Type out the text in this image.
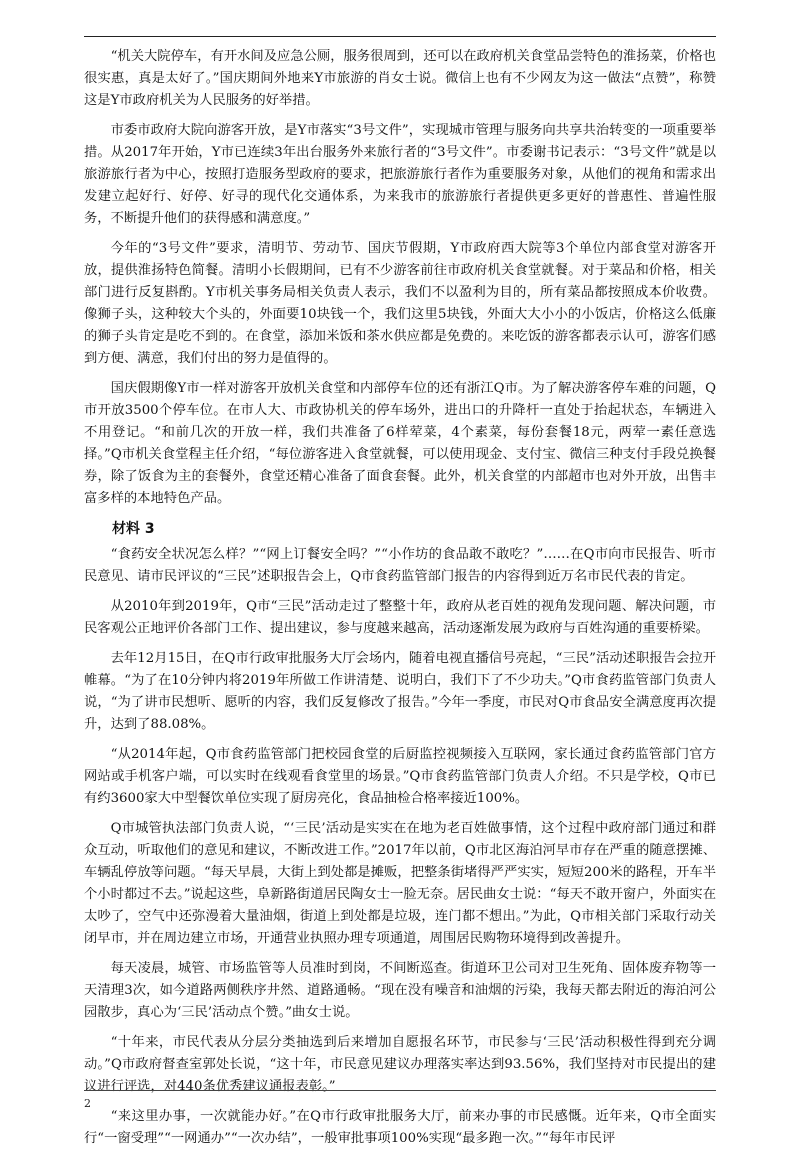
“机关大院停车，有开水间及应急公厕，服务很周到，还可以在政府机关食堂品尝特色的淮扬菜，价格也很实惠，真是太好了。”国庆期间外地来Y市旅游的肖女士说。微信上也有不少网友为这一做法“点赞”，称赞这是Y市政府机关为人民服务的好举措。

市委市政府大院向游客开放，是Y市落实“3号文件”，实现城市管理与服务向共享共治转变的一项重要举措。从2017年开始，Y市已连续3年出台服务外来旅行者的“3号文件”。市委谢书记表示：“3号文件”就是以旅游旅行者为中心，按照打造服务型政府的要求，把旅游旅行者作为重要服务对象，从他们的视角和需求出发建立起好行、好停、好寻的现代化交通体系，为来我市的旅游旅行者提供更多更好的普惠性、普遍性服务，不断提升他们的获得感和满意度。”

今年的“3号文件”要求，清明节、劳动节、国庆节假期，Y市政府西大院等3个单位内部食堂对游客开放，提供淮扬特色简餐。清明小长假期间，已有不少游客前往市政府机关食堂就餐。对于菜品和价格，相关部门进行反复斟酌。Y市机关事务局相关负责人表示，我们不以盈利为目的，所有菜品都按照成本价收费。像狮子头，这种较大个头的，外面要10块钱一个，我们这里5块钱，外面大大小小的小饭店，价格这么低廉的狮子头肯定是吃不到的。在食堂，添加米饭和茶水供应都是免费的。来吃饭的游客都表示认可，游客们感到方便、满意，我们付出的努力是值得的。

国庆假期像Y市一样对游客开放机关食堂和内部停车位的还有浙江Q市。为了解决游客停车难的问题，Q市开放3500个停车位。在市人大、市政协机关的停车场外，进出口的升降杆一直处于抬起状态，车辆进入不用登记。“和前几次的开放一样，我们共准备了6样荤菜，4个素菜，每份套餐18元，两荤一素任意选择。”Q市机关食堂程主任介绍，“每位游客进入食堂就餐，可以使用现金、支付宝、微信三种支付手段兑换餐券，除了饭食为主的套餐外，食堂还精心准备了面食套餐。此外，机关食堂的内部超市也对外开放，出售丰富多样的本地特色产品。

材料 3

“食药安全状况怎么样？”“网上订餐安全吗？”“小作坊的食品敢不敢吃？”……在Q市向市民报告、听市民意见、请市民评议的“三民”述职报告会上，Q市食药监管部门报告的内容得到近万名市民代表的肯定。

从2010年到2019年，Q市“三民”活动走过了整整十年，政府从老百姓的视角发现问题、解决问题，市民客观公正地评价各部门工作、提出建议，参与度越来越高，活动逐渐发展为政府与百姓沟通的重要桥梁。

去年12月15日，在Q市行政审批服务大厅会场内，随着电视直播信号亮起，“三民”活动述职报告会拉开帷幕。“为了在10分钟内将2019年所做工作讲清楚、说明白，我们下了不少功夫。”Q市食药监管部门负责人说，“为了讲市民想听、愿听的内容，我们反复修改了报告。”今年一季度，市民对Q市食品安全满意度再次提升，达到了88.08%。

“从2014年起，Q市食药监管部门把校园食堂的后厨监控视频接入互联网，家长通过食药监管部门官方网站或手机客户端，可以实时在线观看食堂里的场景。”Q市食药监管部门负责人介绍。不只是学校，Q市已有约3600家大中型餐饮单位实现了厨房亮化，食品抽检合格率接近100%。

Q市城管执法部门负责人说，“‘三民’活动是实实在在地为老百姓做事情，这个过程中政府部门通过和群众互动，听取他们的意见和建议，不断改进工作。”2017年以前，Q市北区海泊河早市存在严重的随意摆摊、车辆乱停放等问题。“每天早晨，大街上到处都是摊贩，把整条街堵得严严实实，短短200米的路程，开车半个小时都过不去。”说起这些，阜新路街道居民陶女士一脸无奈。居民曲女士说：“每天不敢开窗户，外面实在太吵了，空气中还弥漫着大量油烟，街道上到处都是垃圾，连门都不想出。”为此，Q市相关部门采取行动关闭早市，并在周边建立市场，开通营业执照办理专项通道，周围居民购物环境得到改善提升。

每天凌晨，城管、市场监管等人员准时到岗，不间断巡查。街道环卫公司对卫生死角、固体废弃物等一天清理3次，如今道路两侧秩序井然、道路通畅。“现在没有噪音和油烟的污染，我每天都去附近的海泊河公园散步，真心为‘三民’活动点个赞。”曲女士说。

“十年来，市民代表从分层分类抽选到后来增加自愿报名环节，市民参与‘三民’活动积极性得到充分调动。”Q市政府督查室郭处长说，“这十年，市民意见建议办理落实率达到93.56%，我们坚持对市民提出的建议进行评选，对440条优秀建议通报表彰。”

“来这里办事，一次就能办好。”在Q市行政审批服务大厅，前来办事的市民感慨。近年来，Q市全面实行“一窗受理”“一网通办”“一次办结”，一般审批事项100%实现“最多跑一次。”“每年市民评

2
